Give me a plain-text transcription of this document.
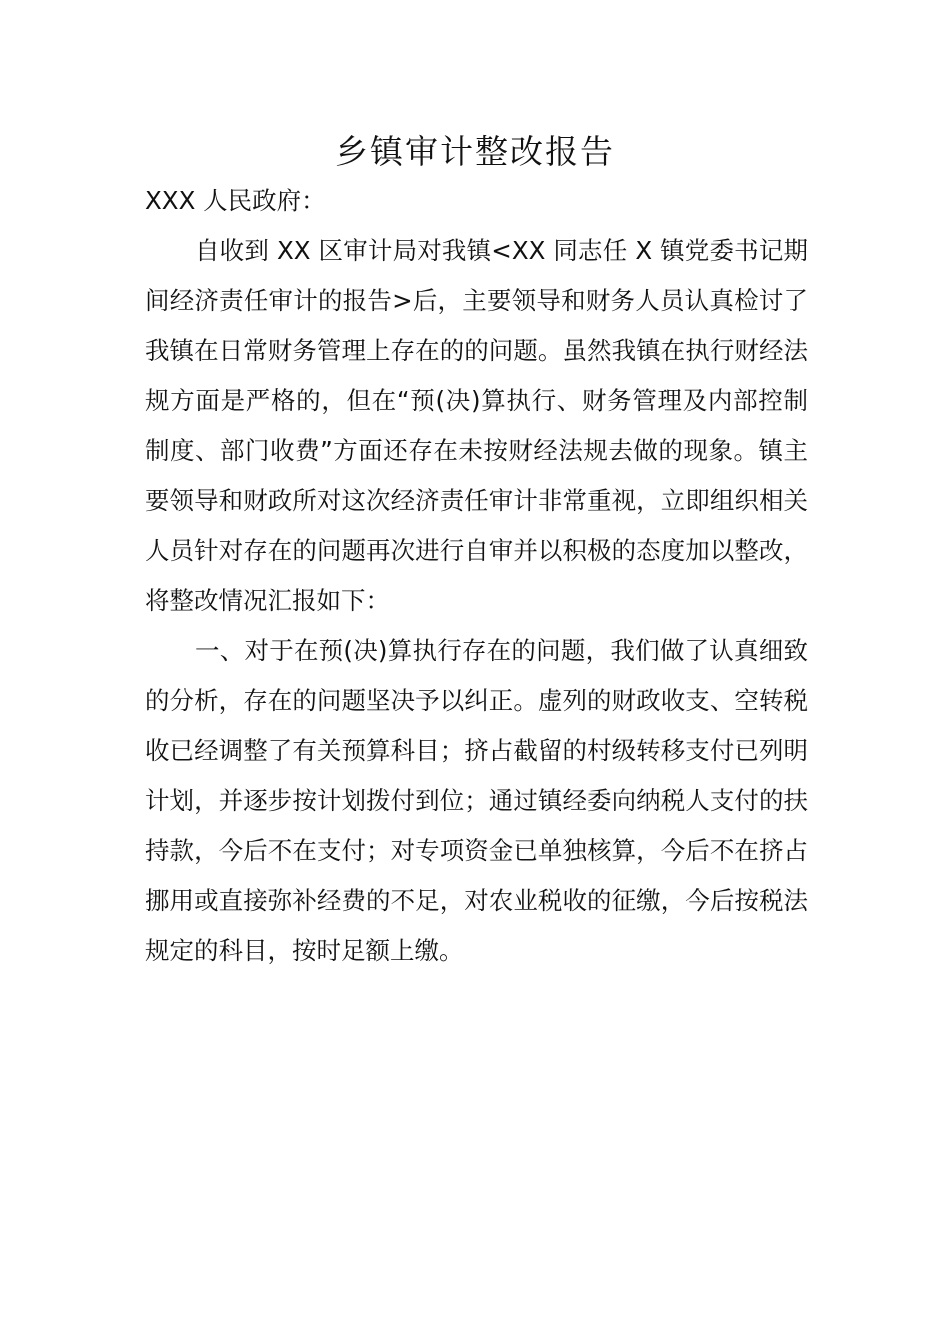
乡镇审计整改报告

XXX 人民政府：

自收到 XX 区审计局对我镇<XX 同志任 X 镇党委书记期间经济责任审计的报告>后，主要领导和财务人员认真检讨了我镇在日常财务管理上存在的的问题。虽然我镇在执行财经法规方面是严格的，但在“预(决)算执行、财务管理及内部控制制度、部门收费”方面还存在未按财经法规去做的现象。镇主要领导和财政所对这次经济责任审计非常重视，立即组织相关人员针对存在的问题再次进行自审并以积极的态度加以整改，将整改情况汇报如下：

一、对于在预(决)算执行存在的问题，我们做了认真细致的分析，存在的问题坚决予以纠正。虚列的财政收支、空转税收已经调整了有关预算科目；挤占截留的村级转移支付已列明计划，并逐步按计划拨付到位；通过镇经委向纳税人支付的扶持款，今后不在支付；对专项资金已单独核算，今后不在挤占挪用或直接弥补经费的不足，对农业税收的征缴，今后按税法规定的科目，按时足额上缴。
